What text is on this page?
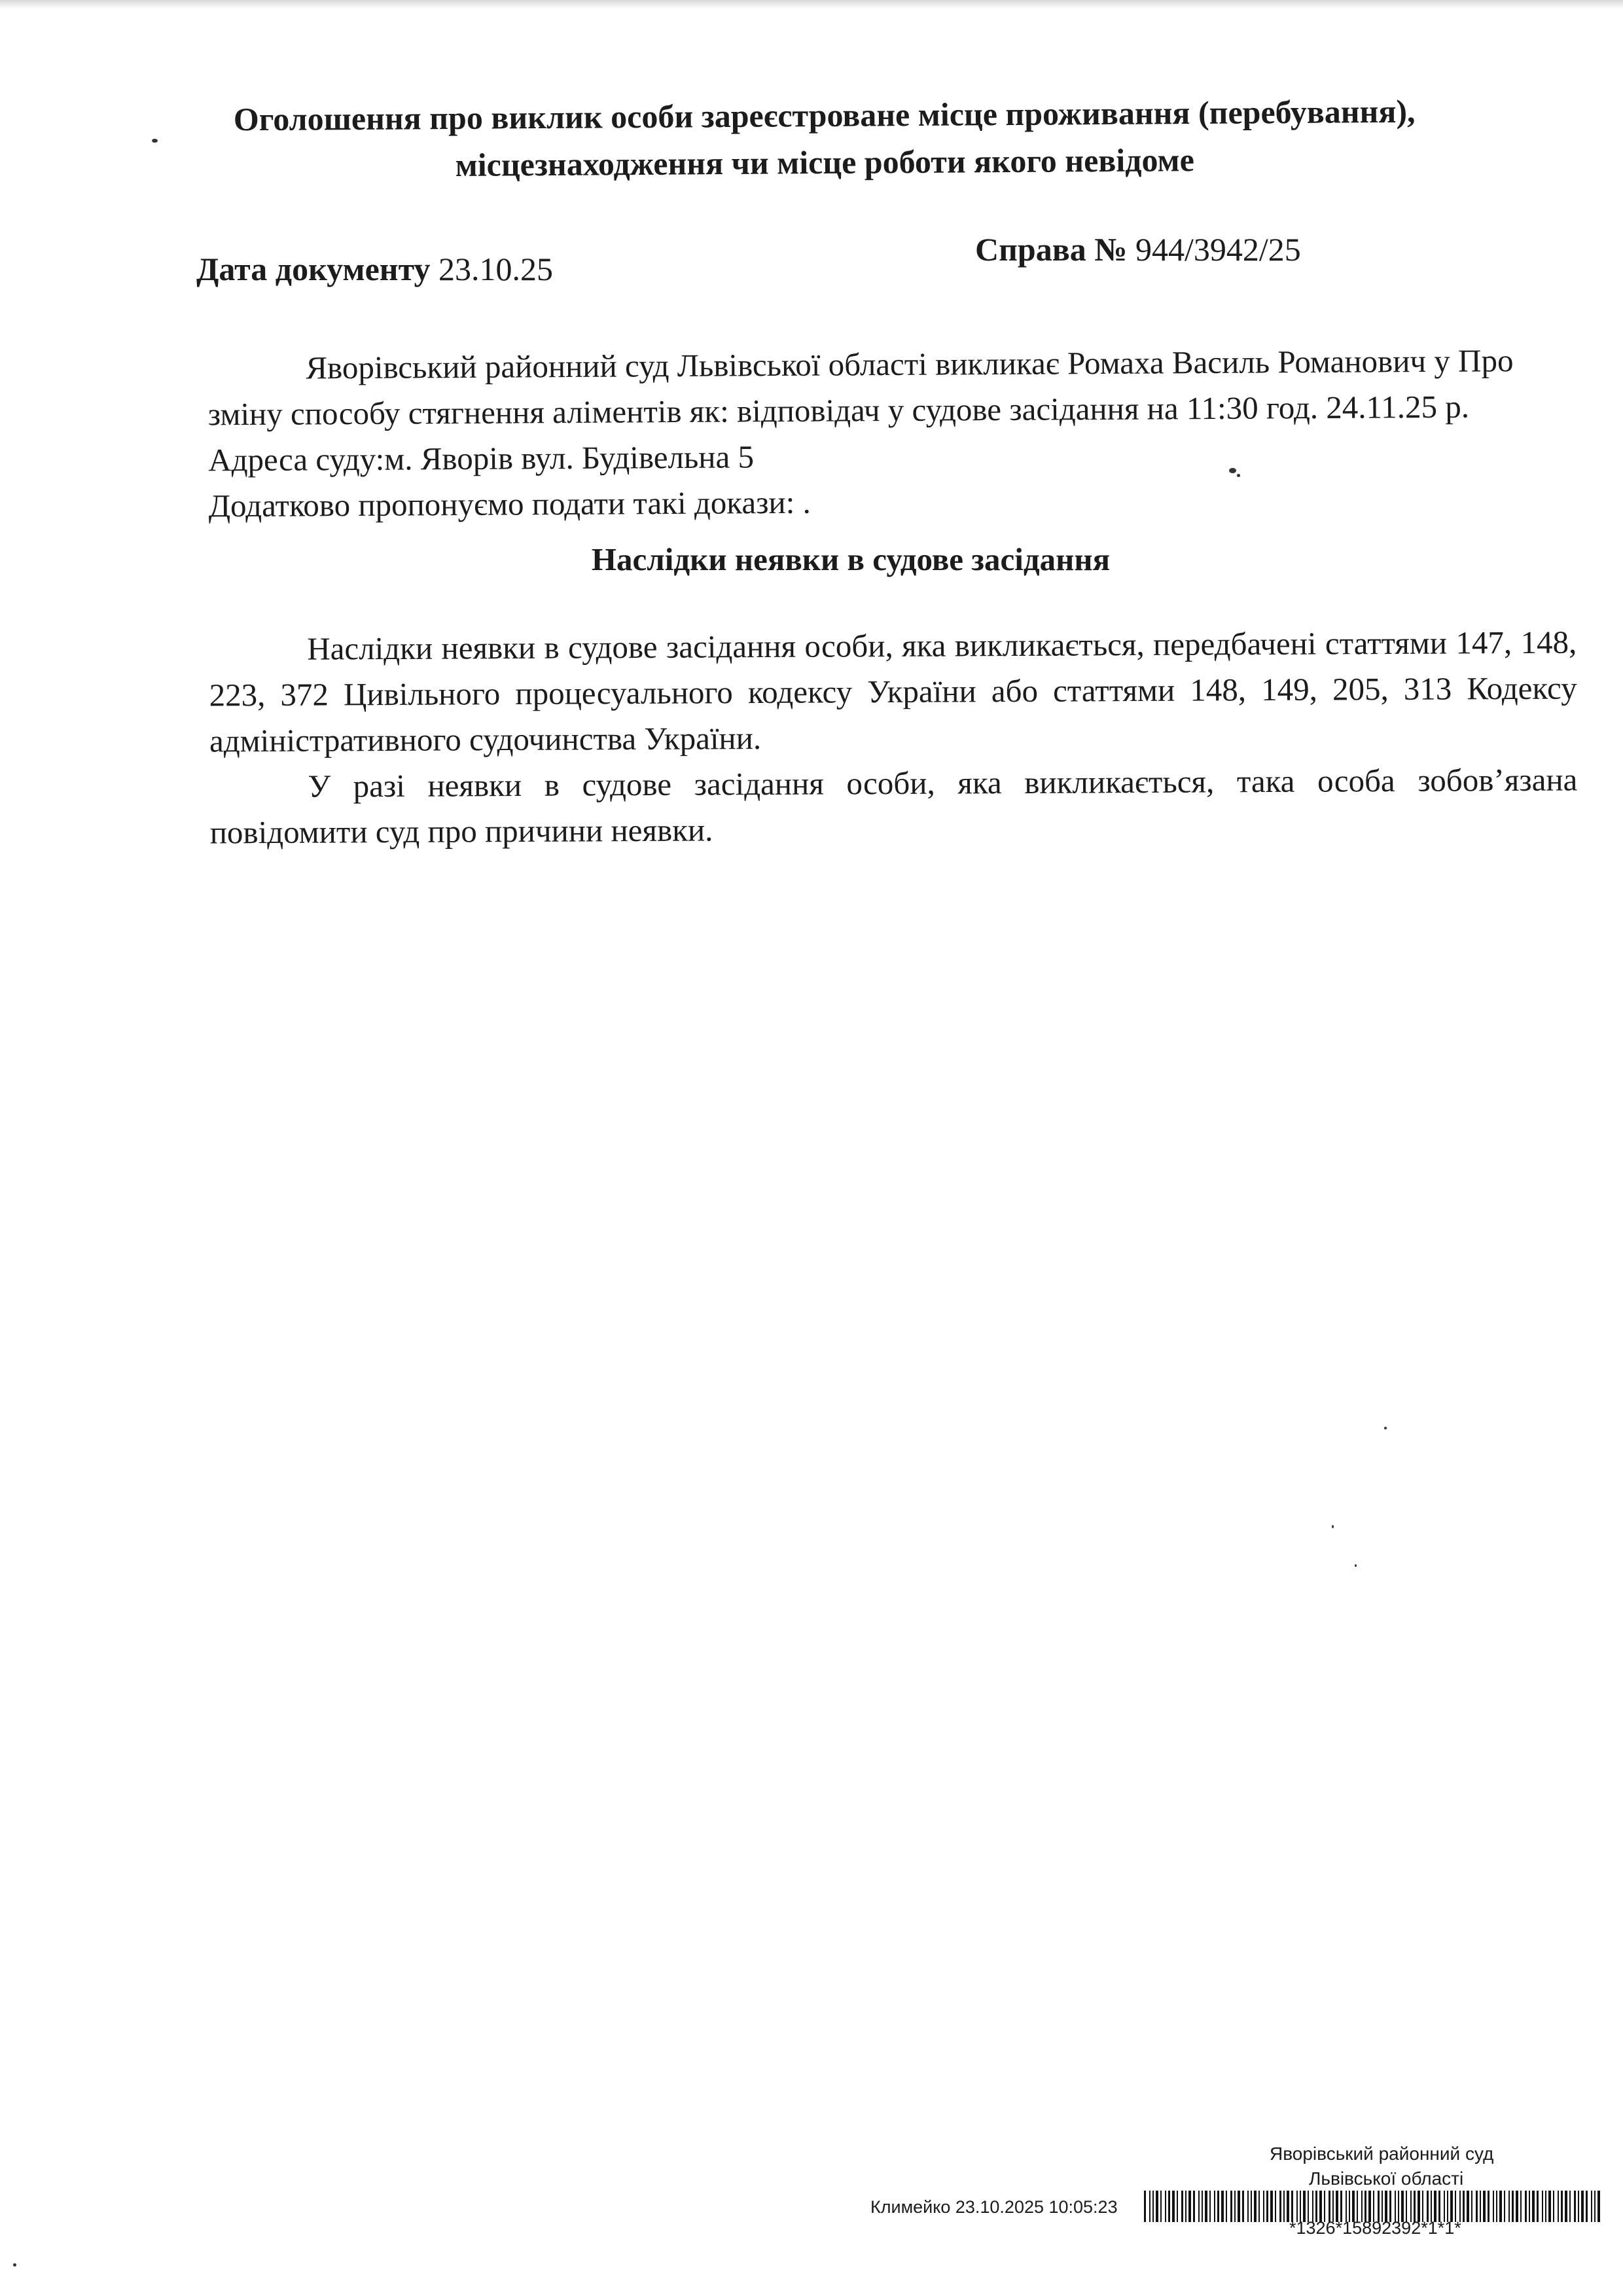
Оголошення про виклик особи зареєстроване місце проживання (перебування),
місцезнаходження чи місце роботи якого невідоме
Дата документу 23.10.25
Справа № 944/3942/25
Яворівський районний суд Львівської області викликає Ромаха Василь Романович у Про
зміну способу стягнення аліментів як: відповідач у судове засідання на 11:30 год. 24.11.25 р.
Адреса суду:м. Яворів вул. Будівельна 5
Додатково пропонуємо подати такі докази: .
Наслідки неявки в судове засідання

Наслідки неявки в судове засідання особи, яка викликається, передбачені статтями 147, 148, 223, 372 Цивільного процесуального кодексу України або статтями 148, 149, 205, 313 Кодексу адміністративного судочинства України.

У разі неявки в судове засідання особи, яка викликається, така особа зобов’язана повідомити суд про причини неявки.

Яворівський районний суд
Львівської області
Климейко 23.10.2025 10:05:23
*1326*15892392*1*1*
